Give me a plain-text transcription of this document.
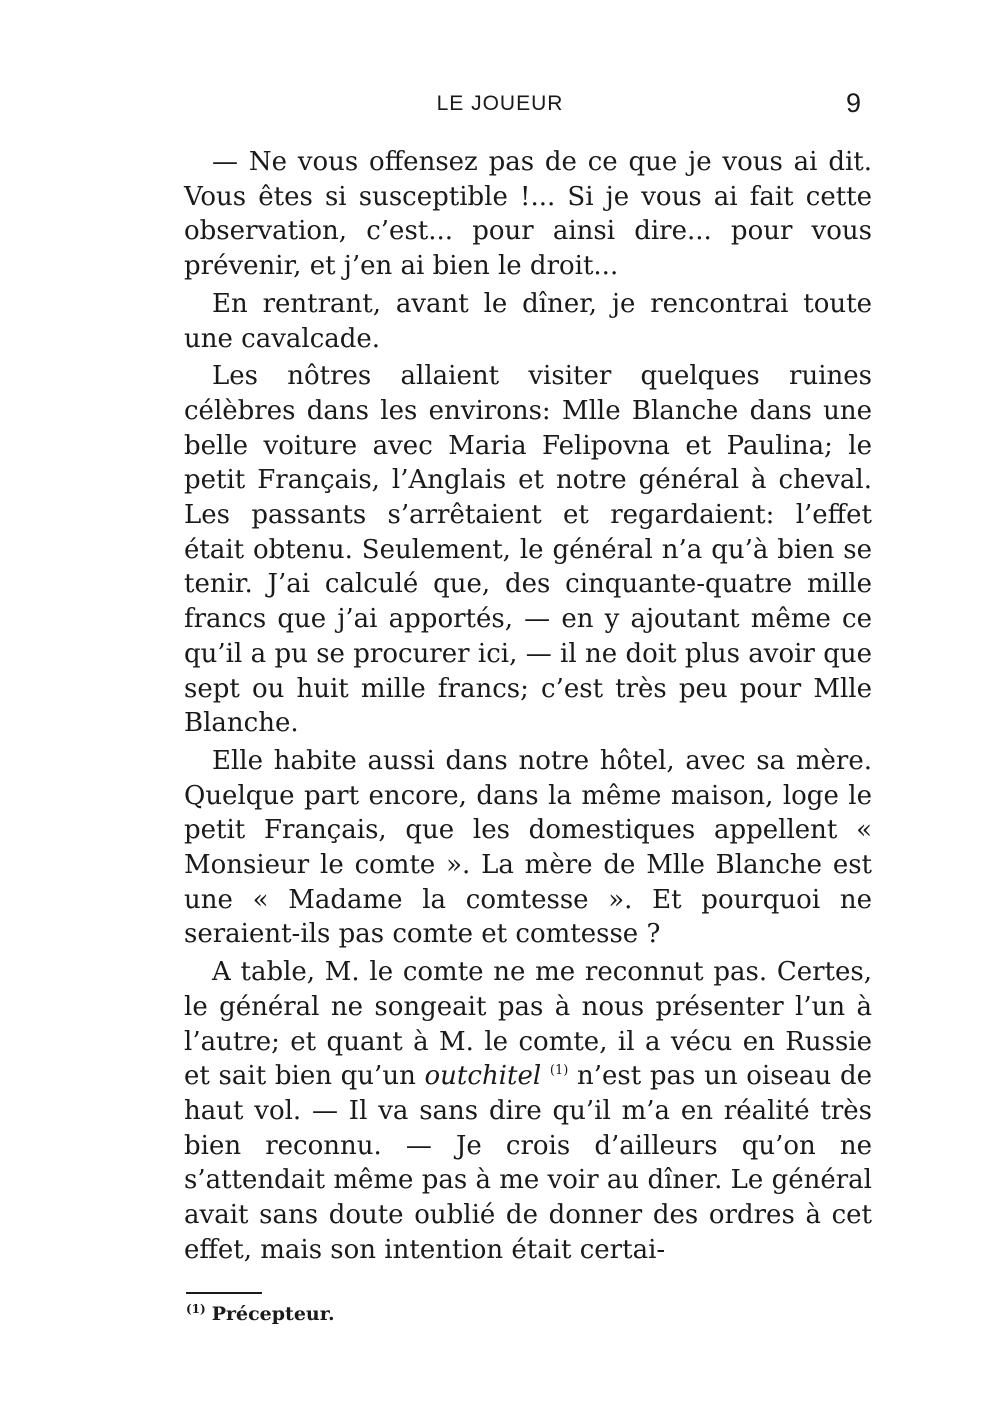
LE JOUEUR	9

— Ne vous offensez pas de ce que je vous ai dit. Vous êtes si susceptible !... Si je vous ai fait cette observation, c’est... pour ainsi dire... pour vous prévenir, et j’en ai bien le droit...

En rentrant, avant le dîner, je rencontrai toute une cavalcade.

Les nôtres allaient visiter quelques ruines célèbres dans les environs: Mlle Blanche dans une belle voiture avec Maria Felipovna et Paulina; le petit Français, l’Anglais et notre général à cheval. Les passants s’arrêtaient et regardaient: l’effet était obtenu. Seulement, le général n’a qu’à bien se tenir. J’ai calculé que, des cinquante-quatre mille francs que j’ai apportés, — en y ajoutant même ce qu’il a pu se procurer ici, — il ne doit plus avoir que sept ou huit mille francs; c’est très peu pour Mlle Blanche.

Elle habite aussi dans notre hôtel, avec sa mère. Quelque part encore, dans la même maison, loge le petit Français, que les domestiques appellent « Monsieur le comte ». La mère de Mlle Blanche est une « Madame la comtesse ». Et pourquoi ne seraient-ils pas comte et comtesse ?

A table, M. le comte ne me reconnut pas. Certes, le général ne songeait pas à nous présenter l’un à l’autre; et quant à M. le comte, il a vécu en Russie et sait bien qu’un outchitel $^{(1)}$ n’est pas un oiseau de haut vol. — Il va sans dire qu’il m’a en réalité très bien reconnu. — Je crois d’ailleurs qu’on ne s’attendait même pas à me voir au dîner. Le général avait sans doute oublié de donner des ordres à cet effet, mais son intention était certai-

$^{(1)}$ Précepteur.
